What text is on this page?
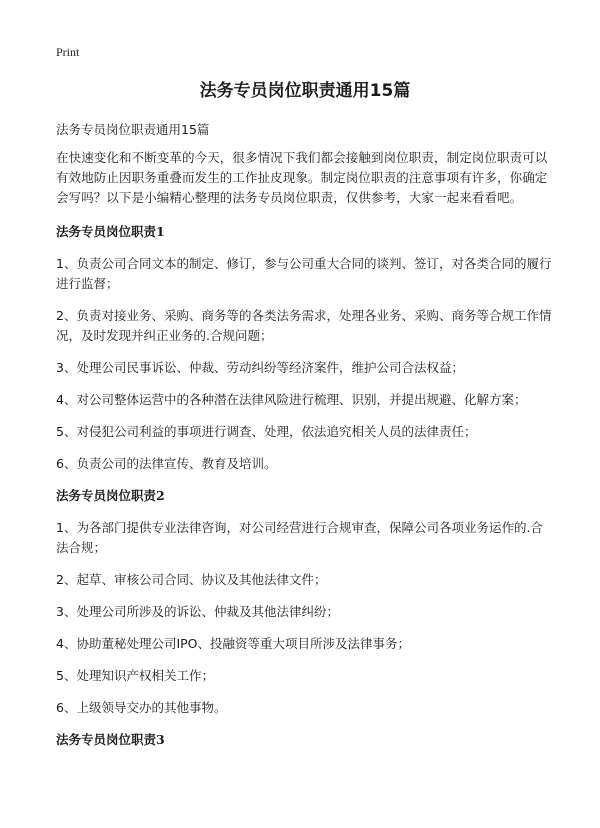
Print
法务专员岗位职责通用15篇
法务专员岗位职责通用15篇
在快速变化和不断变革的今天，很多情况下我们都会接触到岗位职责，制定岗位职责可以有效地防止因职务重叠而发生的工作扯皮现象。制定岗位职责的注意事项有许多，你确定会写吗？以下是小编精心整理的法务专员岗位职责，仅供参考，大家一起来看看吧。
法务专员岗位职责1
1、负责公司合同文本的制定、修订，参与公司重大合同的谈判、签订，对各类合同的履行进行监督；
2、负责对接业务、采购、商务等的各类法务需求，处理各业务、采购、商务等合规工作情况，及时发现并纠正业务的.合规问题；
3、处理公司民事诉讼、仲裁、劳动纠纷等经济案件，维护公司合法权益；
4、对公司整体运营中的各种潜在法律风险进行梳理、识别，并提出规避、化解方案；
5、对侵犯公司利益的事项进行调查、处理，依法追究相关人员的法律责任；
6、负责公司的法律宣传、教育及培训。
法务专员岗位职责2
1、为各部门提供专业法律咨询，对公司经营进行合规审查，保障公司各项业务运作的.合法合规；
2、起草、审核公司合同、协议及其他法律文件；
3、处理公司所涉及的诉讼、仲裁及其他法律纠纷；
4、协助董秘处理公司IPO、投融资等重大项目所涉及法律事务；
5、处理知识产权相关工作；
6、上级领导交办的其他事物。
法务专员岗位职责3
